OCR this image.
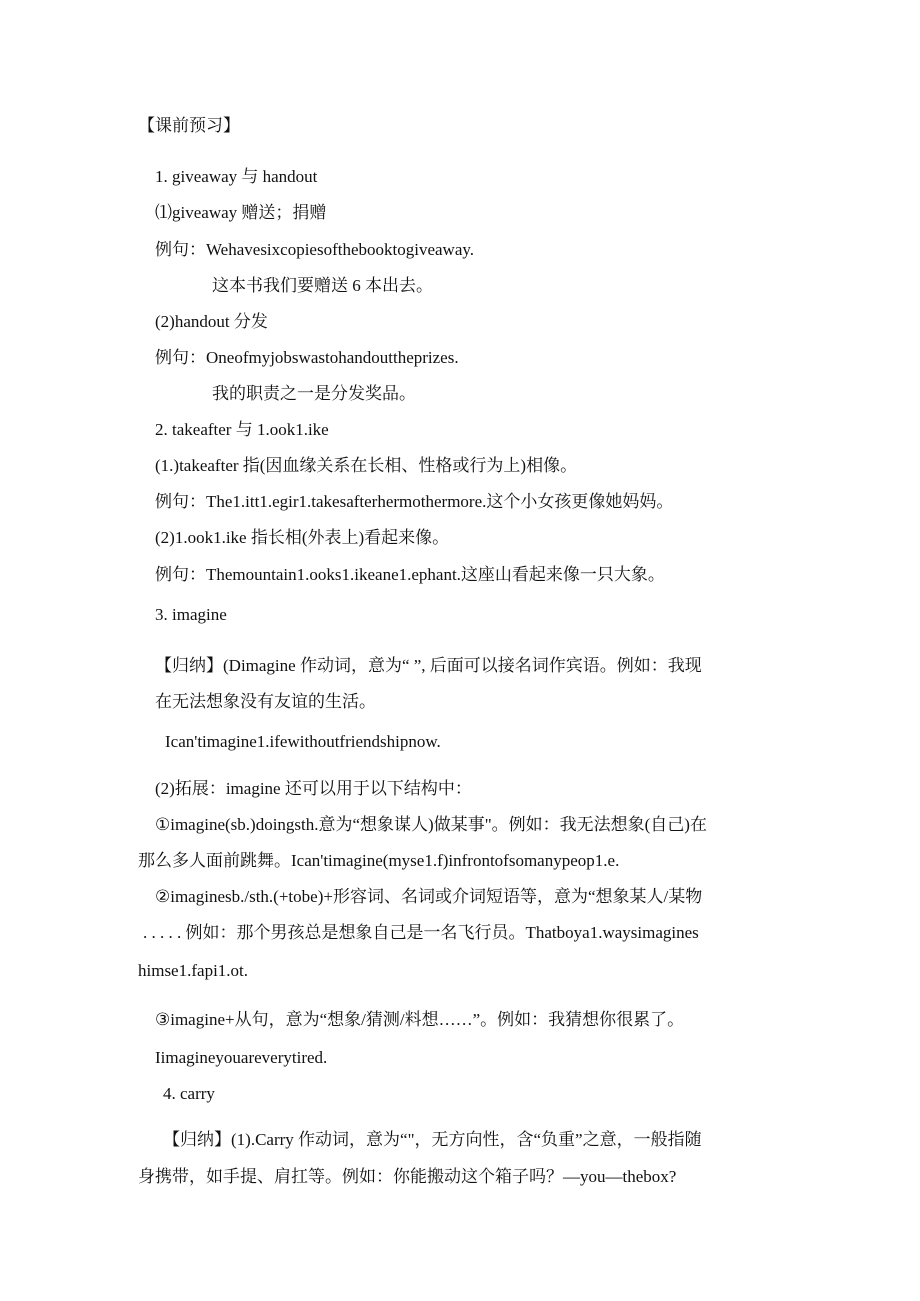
【课前预习】
1. giveaway 与 handout
⑴giveaway 赠送；捐赠
例句：Wehavesixcopiesofthebooktogiveaway.
这本书我们要赠送 6 本出去。
(2)handout 分发
例句：Oneofmyjobswastohandouttheprizes.
我的职责之一是分发奖品。
2. takeafter 与 1.ook1.ike
(1.)takeafter 指(因血缘关系在长相、性格或行为上)相像。
例句：The1.itt1.egir1.takesafterhermothermore.这个小女孩更像她妈妈。
(2)1.ook1.ike 指长相(外表上)看起来像。
例句：Themountain1.ooks1.ikeane1.ephant.这座山看起来像一只大象。
3. imagine
【归纳】(Dimagine 作动词，意为“ ”, 后面可以接名词作宾语。例如：我现
在无法想象没有友谊的生活。
Ican'timagine1.ifewithoutfriendshipnow.
(2)拓展：imagine 还可以用于以下结构中：
①imagine(sb.)doingsth.意为“想象谋人)做某事"。例如：我无法想象(自己)在
那么多人面前跳舞。Ican'timagine(myse1.f)infrontofsomanypeop1.e.
②imaginesb./sth.(+tobe)+形容词、名词或介词短语等，意为“想象某人/某物
. . . . . 例如：那个男孩总是想象自己是一名飞行员。Thatboya1.waysimagines
himse1.fapi1.ot.
③imagine+从句，意为“想象/猜测/料想……”。例如：我猜想你很累了。
Iimagineyouareverytired.
4. carry
【归纳】(1).Carry 作动词，意为“"，无方向性，含“负重”之意，一般指随
身携带，如手提、肩扛等。例如：你能搬动这个箱子吗？—you—thebox?
